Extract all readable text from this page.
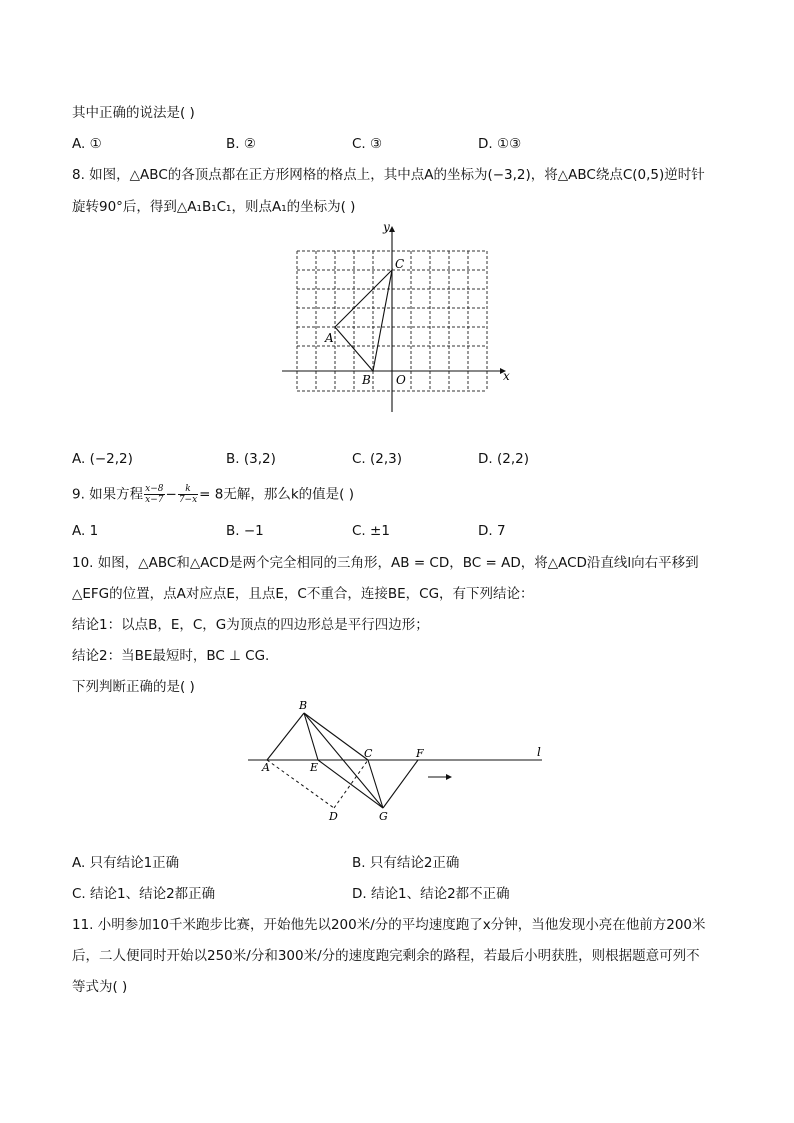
其中正确的说法是( )
A. ①	B. ②	C. ③	D. ①③
8. 如图，△ABC的各顶点都在正方形网格的格点上，其中点A的坐标为(−3,2)，将△ABC绕点C(0,5)逆时针
旋转90°后，得到△A₁B₁C₁，则点A₁的坐标为( )
y
x
C
A
B O
A. (−2,2)	B. (3,2)	C. (2,3)	D. (2,2)
9. 如果方程 $\frac{x-8}{x-7} - \frac{k}{7-x} = 8$无解，那么k的值是( )
A. 1	B. −1	C. ±1	D. 7
10. 如图，△ABC和△ACD是两个完全相同的三角形，AB = CD，BC = AD，将△ACD沿直线l向右平移到
△EFG的位置，点A对应点E，且点E，C不重合，连接BE，CG，有下列结论：
结论1：以点B，E，C，G为顶点的四边形总是平行四边形；
结论2：当BE最短时，BC ⊥ CG.
下列判断正确的是( )
B
A	E
C	F	l
D	G
A. 只有结论1正确	B. 只有结论2正确
C. 结论1、结论2都正确	D. 结论1、结论2都不正确
11. 小明参加10千米跑步比赛，开始他先以200米/分的平均速度跑了x分钟，当他发现小亮在他前方200米
后，二人便同时开始以250米/分和300米/分的速度跑完剩余的路程，若最后小明获胜，则根据题意可列不
等式为( )
